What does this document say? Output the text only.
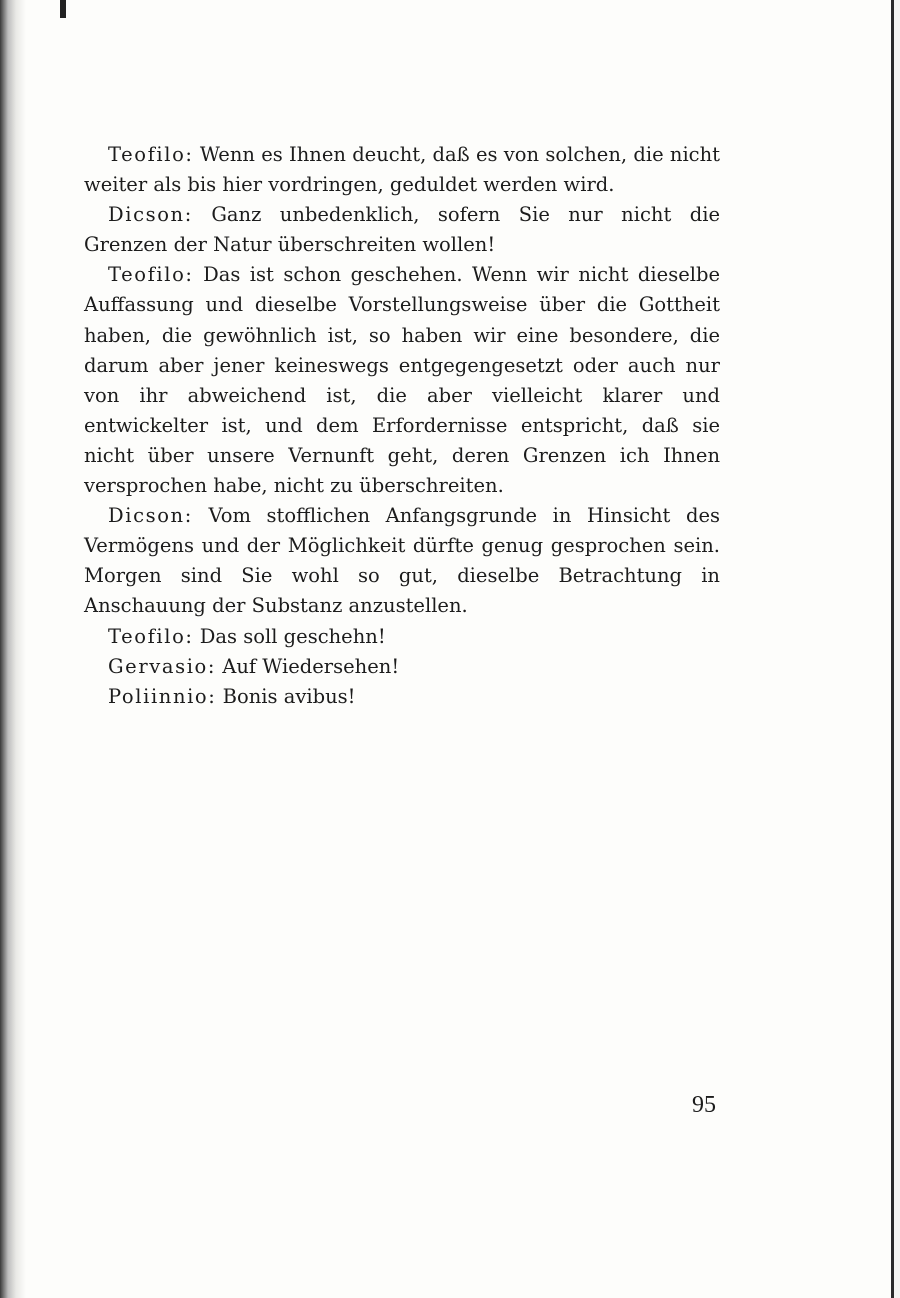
Teofilo: Wenn es Ihnen deucht, daß es von solchen, die nicht weiter als bis hier vordringen, geduldet werden wird.

Dicson: Ganz unbedenklich, sofern Sie nur nicht die Grenzen der Natur überschreiten wollen!

Teofilo: Das ist schon geschehen. Wenn wir nicht dieselbe Auffassung und dieselbe Vorstellungsweise über die Gottheit haben, die gewöhnlich ist, so haben wir eine besondere, die darum aber jener keineswegs entgegengesetzt oder auch nur von ihr abweichend ist, die aber vielleicht klarer und entwickelter ist, und dem Erfordernisse entspricht, daß sie nicht über unsere Vernunft geht, deren Grenzen ich Ihnen versprochen habe, nicht zu überschreiten.

Dicson: Vom stofflichen Anfangsgrunde in Hinsicht des Vermögens und der Möglichkeit dürfte genug gesprochen sein. Morgen sind Sie wohl so gut, dieselbe Betrachtung in Anschauung der Substanz anzustellen.

Teofilo: Das soll geschehn!

Gervasio: Auf Wiedersehen!

Poliinnio: Bonis avibus!

95
